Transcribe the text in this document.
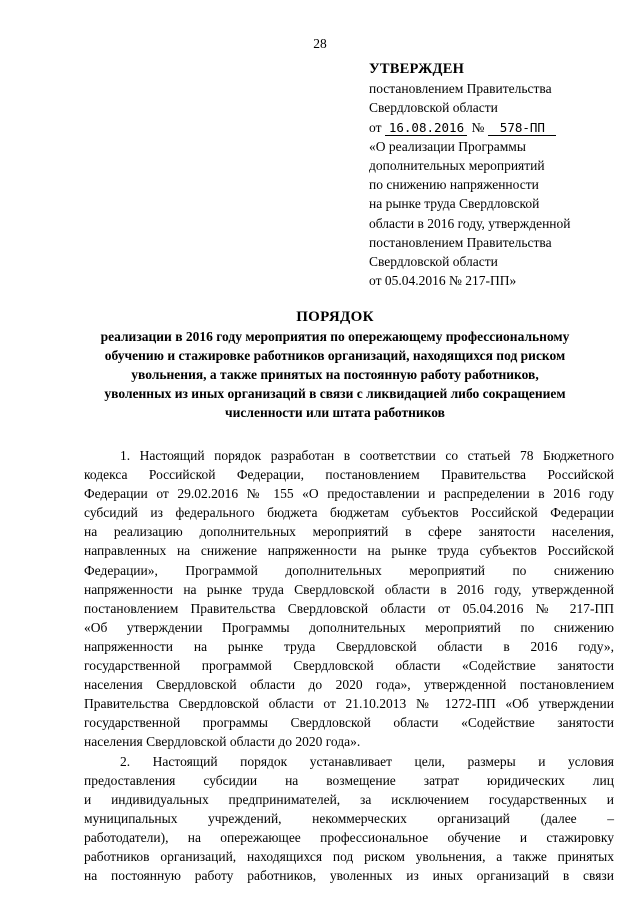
28
УТВЕРЖДЕН
постановлением Правительства
Свердловской области
от 16.08.2016 № 578-ПП
«О реализации Программы
дополнительных мероприятий
по снижению напряженности
на рынке труда Свердловской
области в 2016 году, утвержденной
постановлением Правительства
Свердловской области
от 05.04.2016 № 217-ПП»
ПОРЯДОК
реализации в 2016 году мероприятия по опережающему профессиональному
обучению и стажировке работников организаций, находящихся под риском
увольнения, а также принятых на постоянную работу работников,
уволенных из иных организаций в связи с ликвидацией либо сокращением
численности или штата работников

1. Настоящий порядок разработан в соответствии со статьей 78 Бюджетного
кодекса Российской Федерации, постановлением Правительства Российской
Федерации от 29.02.2016 № 155 «О предоставлении и распределении в 2016 году
субсидий из федерального бюджета бюджетам субъектов Российской Федерации
на реализацию дополнительных мероприятий в сфере занятости населения,
направленных на снижение напряженности на рынке труда субъектов Российской
Федерации», Программой дополнительных мероприятий по снижению
напряженности на рынке труда Свердловской области в 2016 году, утвержденной
постановлением Правительства Свердловской области от 05.04.2016 № 217-ПП
«Об утверждении Программы дополнительных мероприятий по снижению
напряженности на рынке труда Свердловской области в 2016 году»,
государственной программой Свердловской области «Содействие занятости
населения Свердловской области до 2020 года», утвержденной постановлением
Правительства Свердловской области от 21.10.2013 № 1272-ПП «Об утверждении
государственной программы Свердловской области «Содействие занятости
населения Свердловской области до 2020 года».

2. Настоящий порядок устанавливает цели, размеры и условия
предоставления субсидии на возмещение затрат юридических лиц
и индивидуальных предпринимателей, за исключением государственных и
муниципальных учреждений, некоммерческих организаций (далее –
работодатели), на опережающее профессиональное обучение и стажировку
работников организаций, находящихся под риском увольнения, а также принятых
на постоянную работу работников, уволенных из иных организаций в связи
